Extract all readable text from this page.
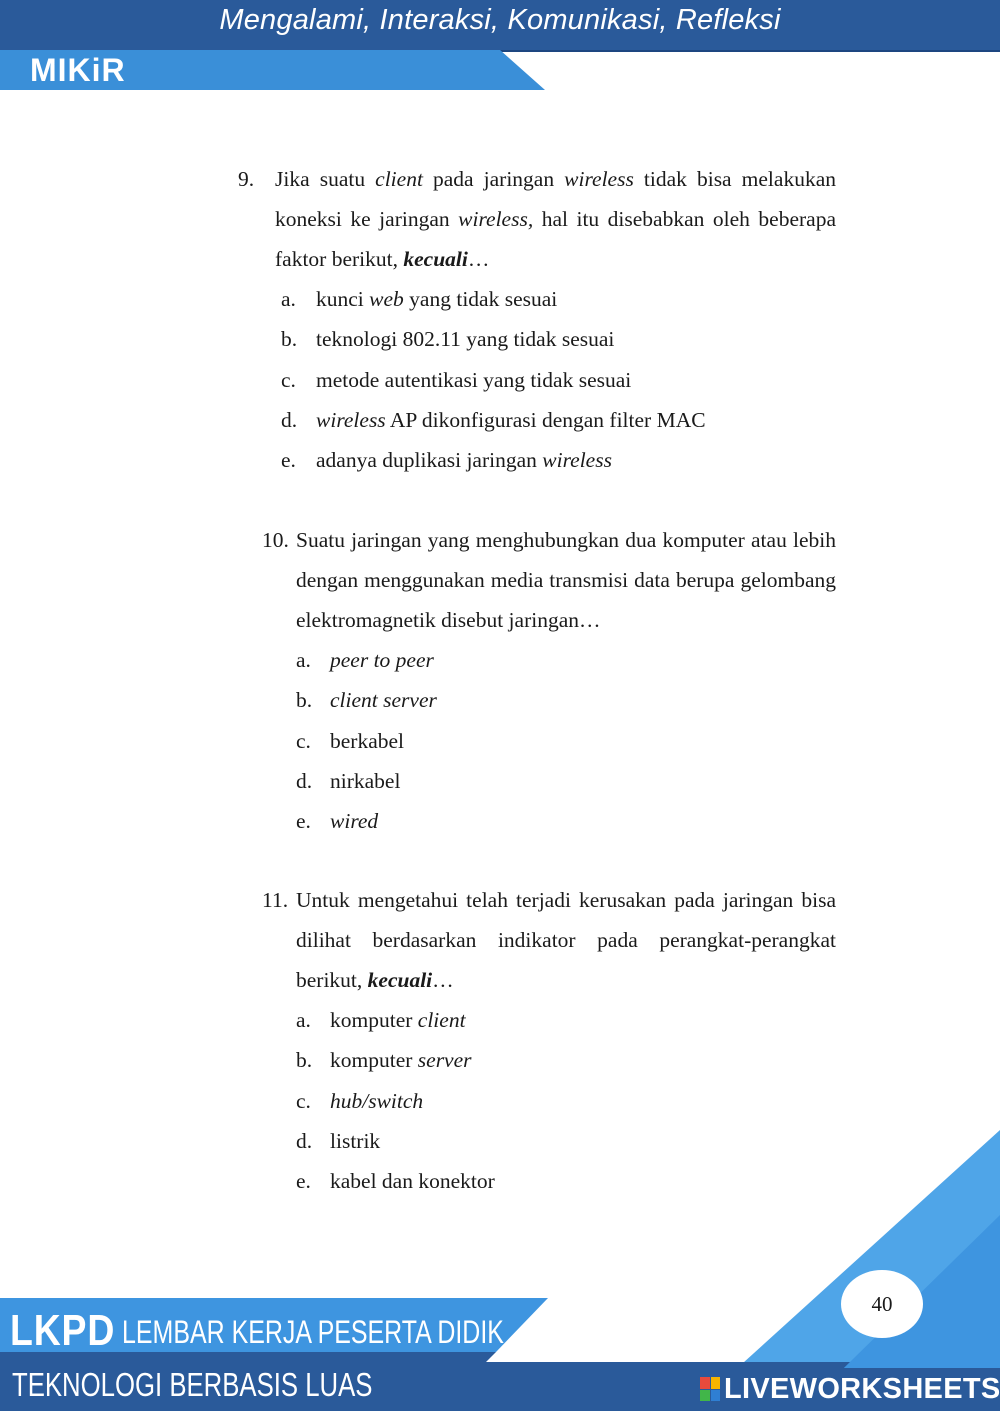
Mengalami, Interaksi, Komunikasi, Refleksi
MIKiR
9. Jika suatu client pada jaringan wireless tidak bisa melakukan koneksi ke jaringan wireless, hal itu disebabkan oleh beberapa faktor berikut, kecuali…
a. kunci web yang tidak sesuai
b. teknologi 802.11 yang tidak sesuai
c. metode autentikasi yang tidak sesuai
d. wireless AP dikonfigurasi dengan filter MAC
e. adanya duplikasi jaringan wireless
10. Suatu jaringan yang menghubungkan dua komputer atau lebih dengan menggunakan media transmisi data berupa gelombang elektromagnetik disebut jaringan…
a. peer to peer
b. client server
c. berkabel
d. nirkabel
e. wired
11. Untuk mengetahui telah terjadi kerusakan pada jaringan bisa dilihat berdasarkan indikator pada perangkat-perangkat berikut, kecuali…
a. komputer client
b. komputer server
c. hub/switch
d. listrik
e. kabel dan konektor
LKPD LEMBAR KERJA PESERTA DIDIK
TEKNOLOGI BERBASIS LUAS
40
LIVEWORKSHEETS
